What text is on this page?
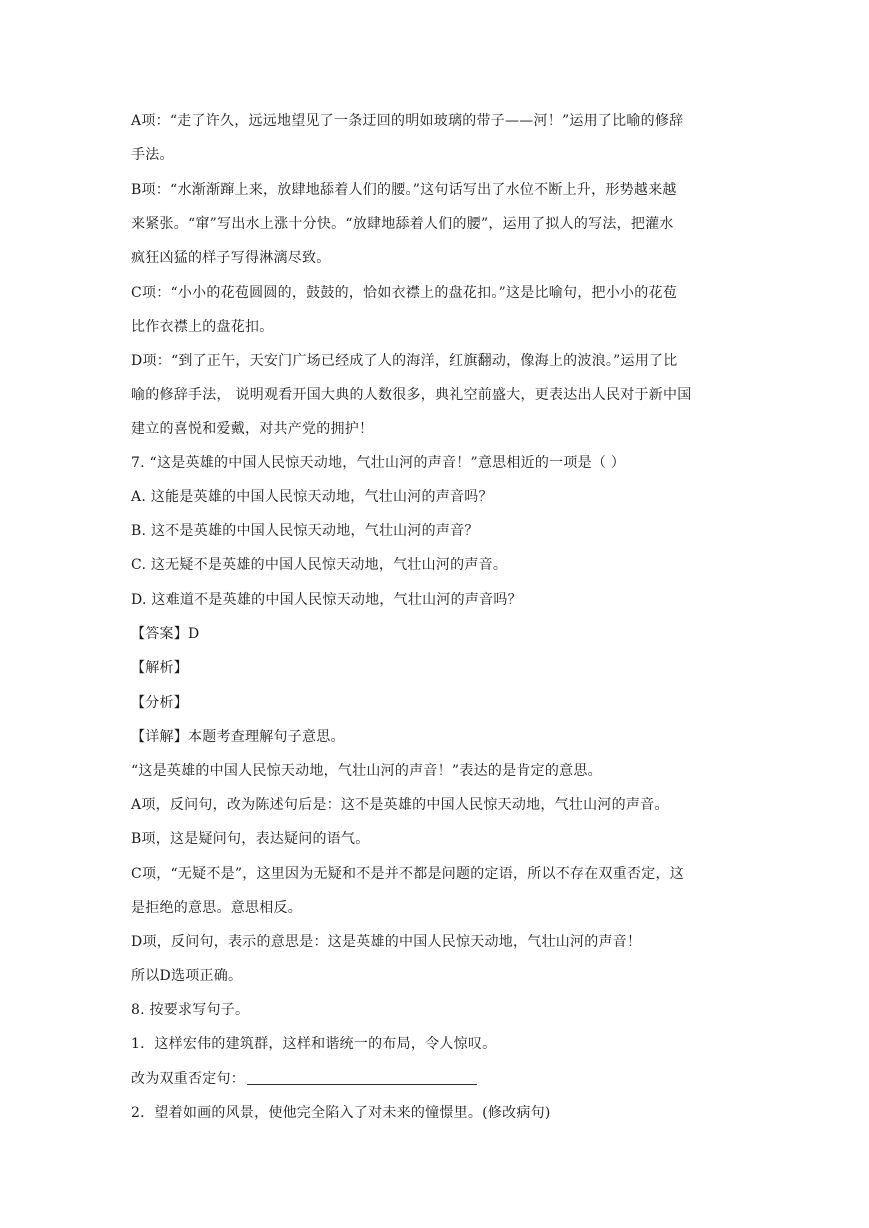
A项：“走了许久，远远地望见了一条迂回的明如玻璃的带子——河！”运用了比喻的修辞
手法。
B项：“水渐渐蹿上来，放肆地舔着人们的腰。”这句话写出了水位不断上升，形势越来越
来紧张。“窜”写出水上涨十分快。“放肆地舔着人们的腰”，运用了拟人的写法，把灌水
疯狂凶猛的样子写得淋漓尽致。
C项：“小小的花苞圆圆的，鼓鼓的，恰如衣襟上的盘花扣。”这是比喻句，把小小的花苞
比作衣襟上的盘花扣。
D项：“到了正午，天安门广场已经成了人的海洋，红旗翻动，像海上的波浪。”运用了比
喻的修辞手法， 说明观看开国大典的人数很多，典礼空前盛大，更表达出人民对于新中国
建立的喜悦和爱戴，对共产党的拥护！
7. “这是英雄的中国人民惊天动地，气壮山河的声音！”意思相近的一项是（ ）
A. 这能是英雄的中国人民惊天动地，气壮山河的声音吗？
B. 这不是英雄的中国人民惊天动地，气壮山河的声音？
C. 这无疑不是英雄的中国人民惊天动地，气壮山河的声音。
D. 这难道不是英雄的中国人民惊天动地，气壮山河的声音吗？
【答案】D
【解析】
【分析】
【详解】本题考查理解句子意思。
“这是英雄的中国人民惊天动地，气壮山河的声音！”表达的是肯定的意思。
A项，反问句，改为陈述句后是：这不是英雄的中国人民惊天动地，气壮山河的声音。
B项，这是疑问句，表达疑问的语气。
C项，“无疑不是”，这里因为无疑和不是并不都是问题的定语，所以不存在双重否定，这
是拒绝的意思。意思相反。
D项，反问句，表示的意思是：这是英雄的中国人民惊天动地，气壮山河的声音！
所以D选项正确。
8. 按要求写句子。
1．这样宏伟的建筑群，这样和谐统一的布局，令人惊叹。
改为双重否定句：
2．望着如画的风景，使他完全陷入了对未来的憧憬里。(修改病句)
